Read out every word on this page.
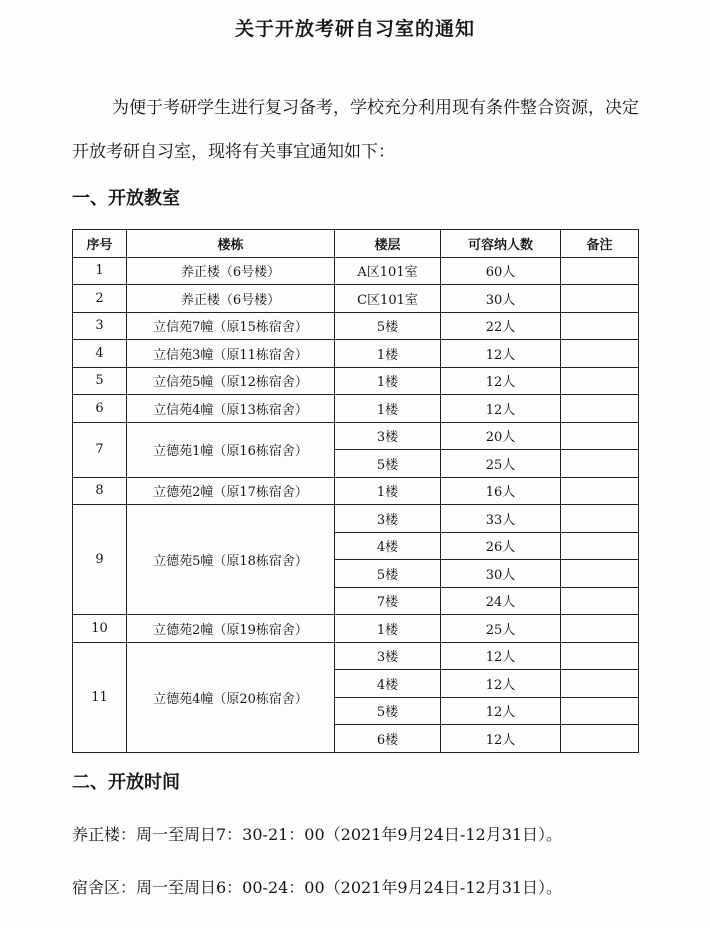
关于开放考研自习室的通知
为便于考研学生进行复习备考，学校充分利用现有条件整合资源，决定开放考研自习室，现将有关事宜通知如下：
一、开放教室
序号	楼栋	楼层	可容纳人数	备注
1	养正楼（6号楼）	A区101室	60人	
2	养正楼（6号楼）	C区101室	30人	
3	立信苑7幢（原15栋宿舍）	5楼	22人	
4	立信苑3幢（原11栋宿舍）	1楼	12人	
5	立信苑5幢（原12栋宿舍）	1楼	12人	
6	立信苑4幢（原13栋宿舍）	1楼	12人	
7	立德苑1幢（原16栋宿舍）	3楼	20人	
		5楼	25人	
8	立德苑2幢（原17栋宿舍）	1楼	16人	
9	立德苑5幢（原18栋宿舍）	3楼	33人	
		4楼	26人	
		5楼	30人	
		7楼	24人	
10	立德苑2幢（原19栋宿舍）	1楼	25人	
11	立德苑4幢（原20栋宿舍）	3楼	12人	
		4楼	12人	
		5楼	12人	
		6楼	12人	
二、开放时间
养正楼：周一至周日7：30-21：00（2021年9月24日-12月31日）。
宿舍区：周一至周日6：00-24：00（2021年9月24日-12月31日）。
